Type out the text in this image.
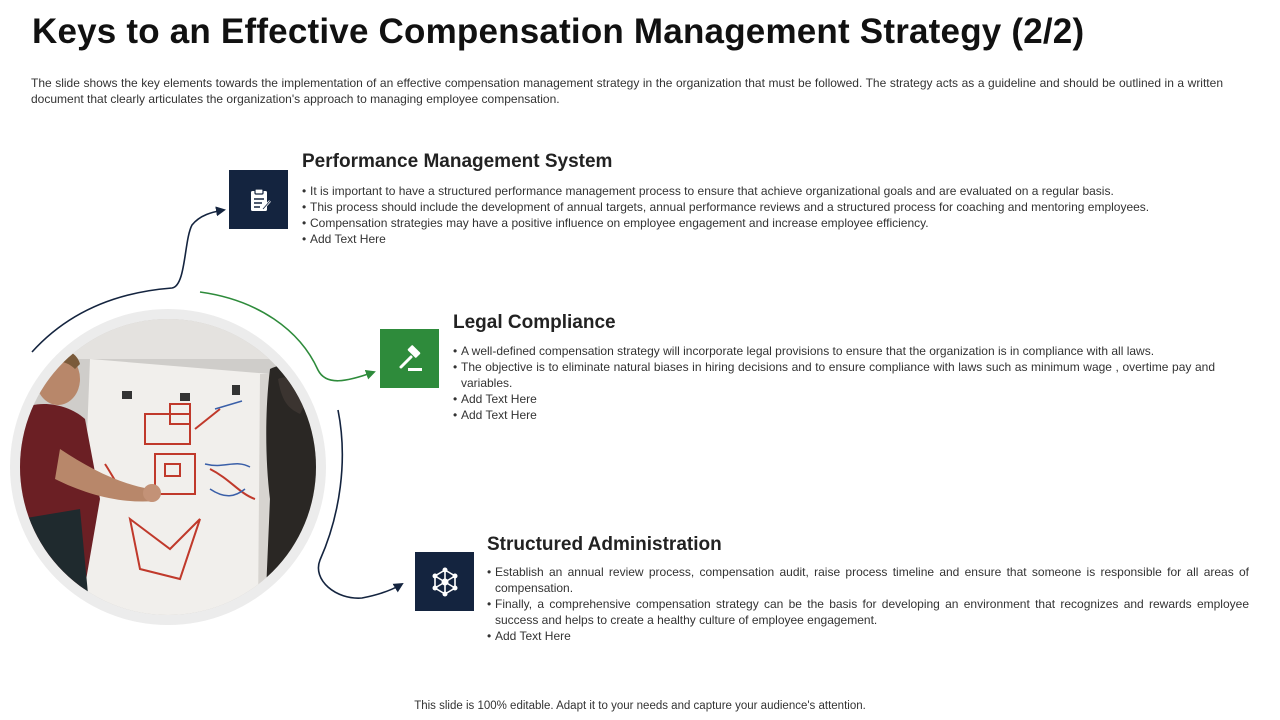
Keys to an Effective Compensation Management Strategy (2/2)
The slide shows the key elements towards the implementation of an effective compensation management strategy in the organization that must be followed. The strategy acts as a guideline and should be outlined in a written document that clearly articulates the organization's approach to managing employee compensation.
Performance Management System
• It is important to have a structured performance management process to ensure that achieve organizational goals and are evaluated on a regular basis.
• This process should include the development of annual targets, annual performance reviews and a structured process for coaching and mentoring employees.
• Compensation strategies may have a positive influence on employee engagement and increase employee efficiency.
• Add Text Here
Legal Compliance
• A well-defined compensation strategy will incorporate legal provisions to ensure that the organization is in compliance with all laws.
• The objective is to eliminate natural biases in hiring decisions and to ensure compliance with laws such as minimum wage , overtime pay and variables.
• Add Text Here
• Add Text Here
Structured Administration
• Establish an annual review process, compensation audit, raise process timeline and ensure that someone is responsible for all areas of compensation.
• Finally, a comprehensive compensation strategy can be the basis for developing an environment that recognizes and rewards employee success and helps to create a healthy culture of employee engagement.
• Add Text Here
This slide is 100% editable. Adapt it to your needs and capture your audience's attention.
